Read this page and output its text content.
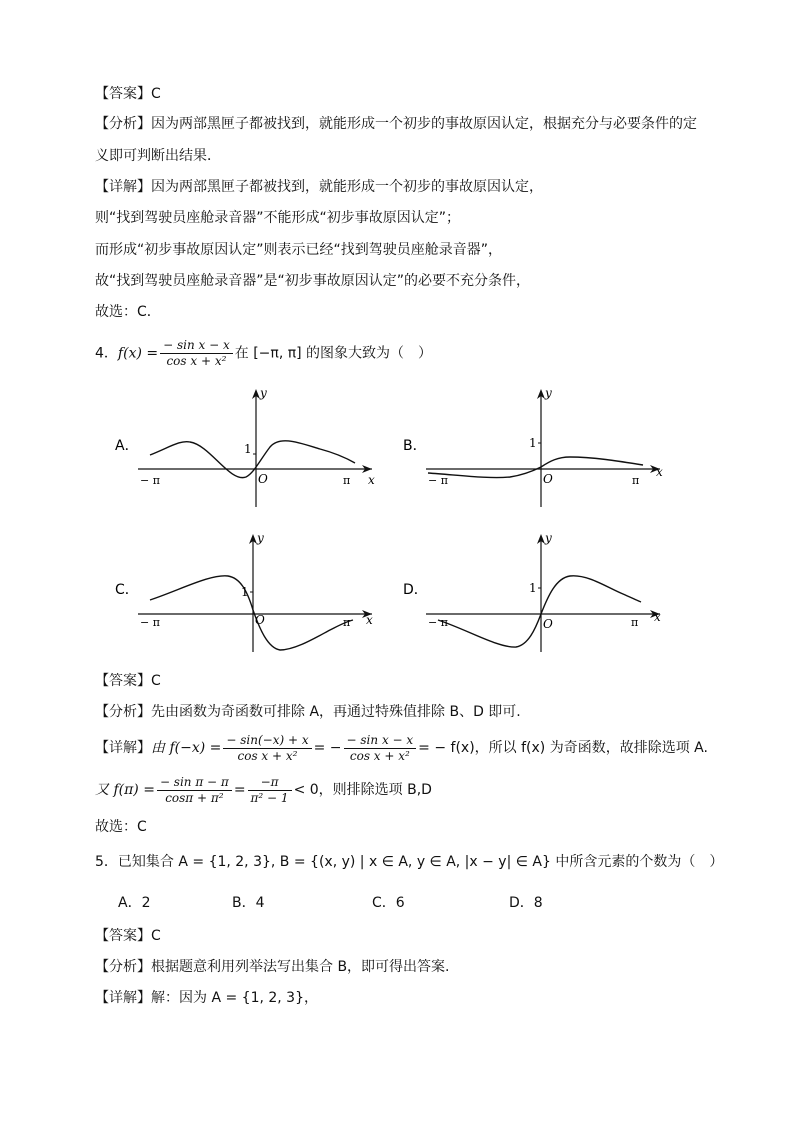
【答案】C
【分析】因为两部黑匣子都被找到，就能形成一个初步的事故原因认定，根据充分与必要条件的定
义即可判断出结果．
【详解】因为两部黑匣子都被找到，就能形成一个初步的事故原因认定，
则“找到驾驶员座舱录音器”不能形成“初步事故原因认定”；
而形成“初步事故原因认定”则表示已经“找到驾驶员座舱录音器”，
故“找到驾驶员座舱录音器”是“初步事故原因认定”的必要不充分条件，
故选：C．
4．$f(x) = \frac{\text{− sin x − x}}{\text{cos x + x²}}$ 在 [−π, π] 的图象大致为（　）
A．
y
1
O
− π	π x
B．
y
1
O
− π	π
x
C．
y
1
O
− π	π x
D．
y
1
O
− π	π x
【答案】C
【分析】先由函数为奇函数可排除 A，再通过特殊值排除 B、D 即可.
【详解】由 $f(-x) = \frac{- \sin(-x) + x}{\text{cos x + x²}}$ = − $\frac{\text{− sin x − x}}{\text{cos x + x²}}$ = − f(x)，所以 f(x) 为奇函数，故排除选项 A.
又 $f(\pi) = \frac{\text{− sin π − π}}{\text{cosπ + π²}} = \frac{-\pi}{\text{π² − 1}} < 0$，则排除选项 B,D
故选：C
5．已知集合 A = {1, 2, 3}, B = {(x, y) | x ∈ A, y ∈ A, |x − y| ∈ A} 中所含元素的个数为（　）
A．2	B．4	C．6	D．8
【答案】C
【分析】根据题意利用列举法写出集合 B，即可得出答案.
【详解】解：因为 A = {1, 2, 3}，
